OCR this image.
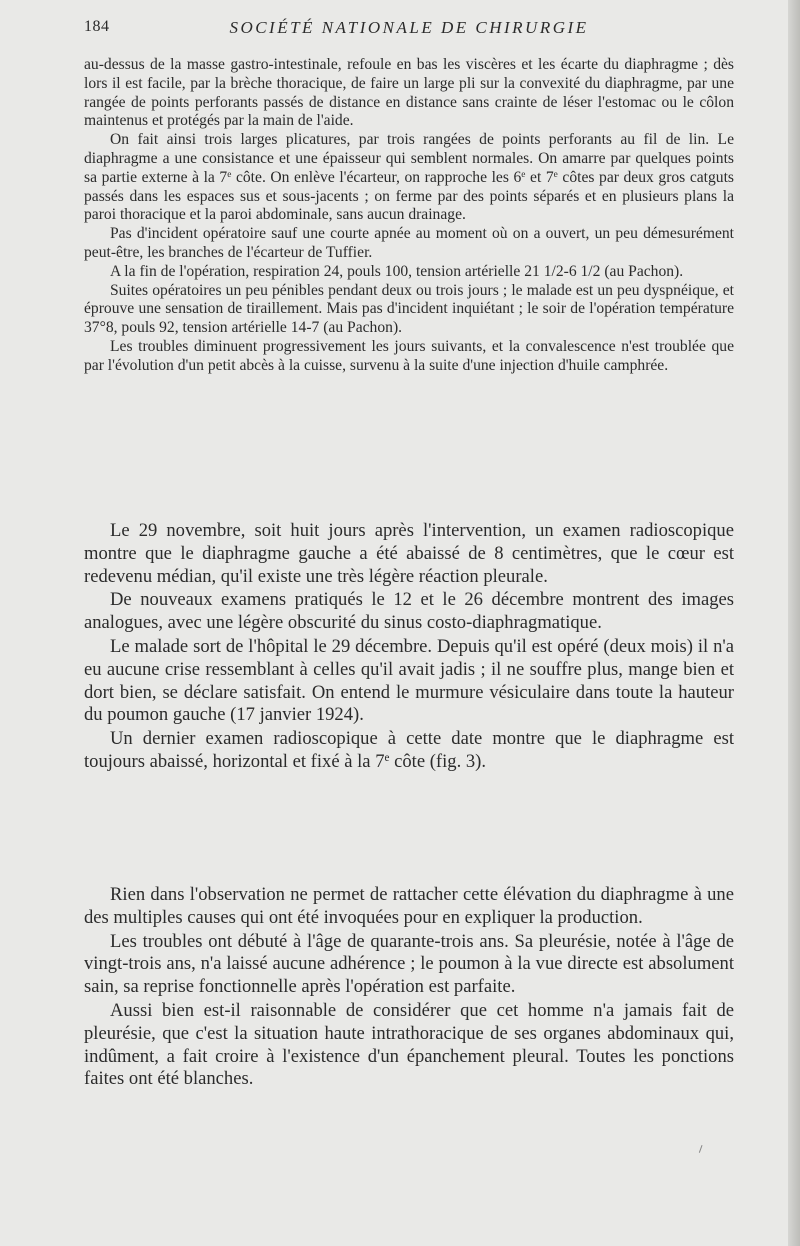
184	SOCIÉTÉ NATIONALE DE CHIRURGIE

au-dessus de la masse gastro-intestinale, refoule en bas les viscères et les écarte du diaphragme ; dès lors il est facile, par la brèche thoracique, de faire un large pli sur la convexité du diaphragme, par une rangée de points perforants passés de distance en distance sans crainte de léser l'estomac ou le côlon maintenus et protégés par la main de l'aide.

On fait ainsi trois larges plicatures, par trois rangées de points perforants au fil de lin. Le diaphragme a une consistance et une épaisseur qui semblent normales. On amarre par quelques points sa partie externe à la 7e côte. On enlève l'écarteur, on rapproche les 6e et 7e côtes par deux gros catguts passés dans les espaces sus et sous-jacents ; on ferme par des points séparés et en plusieurs plans la paroi thoracique et la paroi abdominale, sans aucun drainage.

Pas d'incident opératoire sauf une courte apnée au moment où on a ouvert, un peu démesurément peut-être, les branches de l'écarteur de Tuffier.

A la fin de l'opération, respiration 24, pouls 100, tension artérielle 21 1/2-6 1/2 (au Pachon).

Suites opératoires un peu pénibles pendant deux ou trois jours ; le malade est un peu dyspnéique, et éprouve une sensation de tiraillement. Mais pas d'incident inquiétant ; le soir de l'opération température 37°8, pouls 92, tension artérielle 14-7 (au Pachon).

Les troubles diminuent progressivement les jours suivants, et la convalescence n'est troublée que par l'évolution d'un petit abcès à la cuisse, survenu à la suite d'une injection d'huile camphrée.

Le 29 novembre, soit huit jours après l'intervention, un examen radioscopique montre que le diaphragme gauche a été abaissé de 8 centimètres, que le cœur est redevenu médian, qu'il existe une très légère réaction pleurale.

De nouveaux examens pratiqués le 12 et le 26 décembre montrent des images analogues, avec une légère obscurité du sinus costo-diaphragmatique.

Le malade sort de l'hôpital le 29 décembre. Depuis qu'il est opéré (deux mois) il n'a eu aucune crise ressemblant à celles qu'il avait jadis ; il ne souffre plus, mange bien et dort bien, se déclare satisfait. On entend le murmure vésiculaire dans toute la hauteur du poumon gauche (17 janvier 1924).

Un dernier examen radioscopique à cette date montre que le diaphragme est toujours abaissé, horizontal et fixé à la 7e côte (fig. 3).

Rien dans l'observation ne permet de rattacher cette élévation du diaphragme à une des multiples causes qui ont été invoquées pour en expliquer la production.

Les troubles ont débuté à l'âge de quarante-trois ans. Sa pleurésie, notée à l'âge de vingt-trois ans, n'a laissé aucune adhérence ; le poumon à la vue directe est absolument sain, sa reprise fonctionnelle après l'opération est parfaite.

Aussi bien est-il raisonnable de considérer que cet homme n'a jamais fait de pleurésie, que c'est la situation haute intrathoracique de ses organes abdominaux qui, indûment, a fait croire à l'existence d'un épanchement pleural. Toutes les ponctions faites ont été blanches.
